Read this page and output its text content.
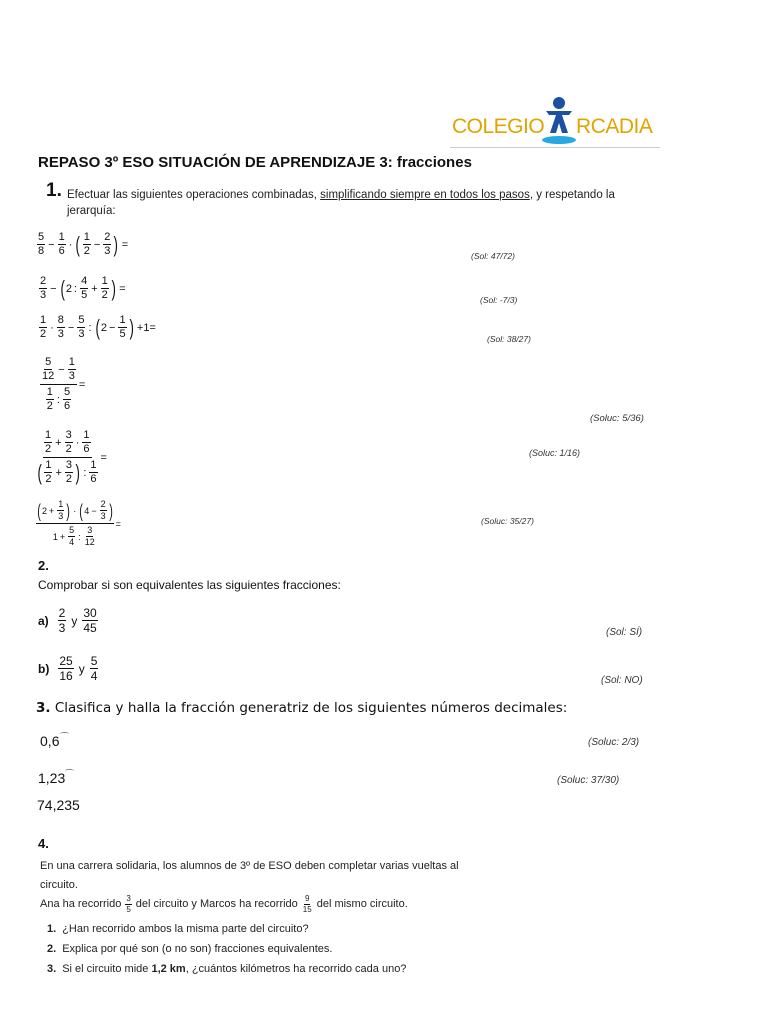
COLEGIO RCADIA
REPASO 3º ESO SITUACIÓN DE APRENDIZAJE 3: fracciones
1. Efectuar las siguientes operaciones combinadas, simplificando siempre en todos los pasos, y respetando la
jerarquía:
$\frac{5}{8} - \frac{1}{6}$ · ( $\frac{1}{2} - \frac{2}{3}$ ) =
(Sol: 47/72)
$\frac{2}{3}$ − ( 2 : $\frac{4}{5} + \frac{1}{2}$ ) =
(Sol: -7/3)
$\frac{1}{2} \cdot \frac{8}{3} - \frac{5}{3}$ : ( $2 - \frac{1}{5}$ ) +1=
(Sol: 38/27)
$\frac{\frac{5}{12} - \frac{1}{3}}{\frac{1}{2} : \frac{5}{6}}$ =
(Soluc: 5/36)
$\frac{\frac{1}{2} + \frac{3}{2} \cdot \frac{1}{6}}{( \frac{1}{2} + \frac{3}{2} ) : \frac{1}{6}}$ =	(Soluc: 1/16)
$\frac{( 2 + \frac{1}{3} ) \cdot ( 4 - \frac{2}{3} )}{1 + \frac{5}{4} : \frac{3}{12}}$ =	(Soluc: 35/27)
2.
Comprobar si son equivalentes las siguientes fracciones:
$a) \frac{2}{3}$ y $\frac{30}{45}$	(Sol: SÍ)
$b) \frac{25}{16}$ y $\frac{5}{4}$	(Sol: NO)
3. Clasifica y halla la fracción generatriz de los siguientes números decimales:
0,6 ⌒	(Soluc: 2/3)
1,23 ⌒
(Soluc: 37/30)
74,235
4.
En una carrera solidaria, los alumnos de 3º de ESO deben completar varias vueltas al
circuito.
Ana ha recorrido $\frac{3}{5}$ del circuito y Marcos ha recorrido $\frac{9}{15}$ del mismo circuito.
1. ¿Han recorrido ambos la misma parte del circuito?
2. Explica por qué son (o no son) fracciones equivalentes.
3. Si el circuito mide 1,2 km, ¿cuántos kilómetros ha recorrido cada uno?
